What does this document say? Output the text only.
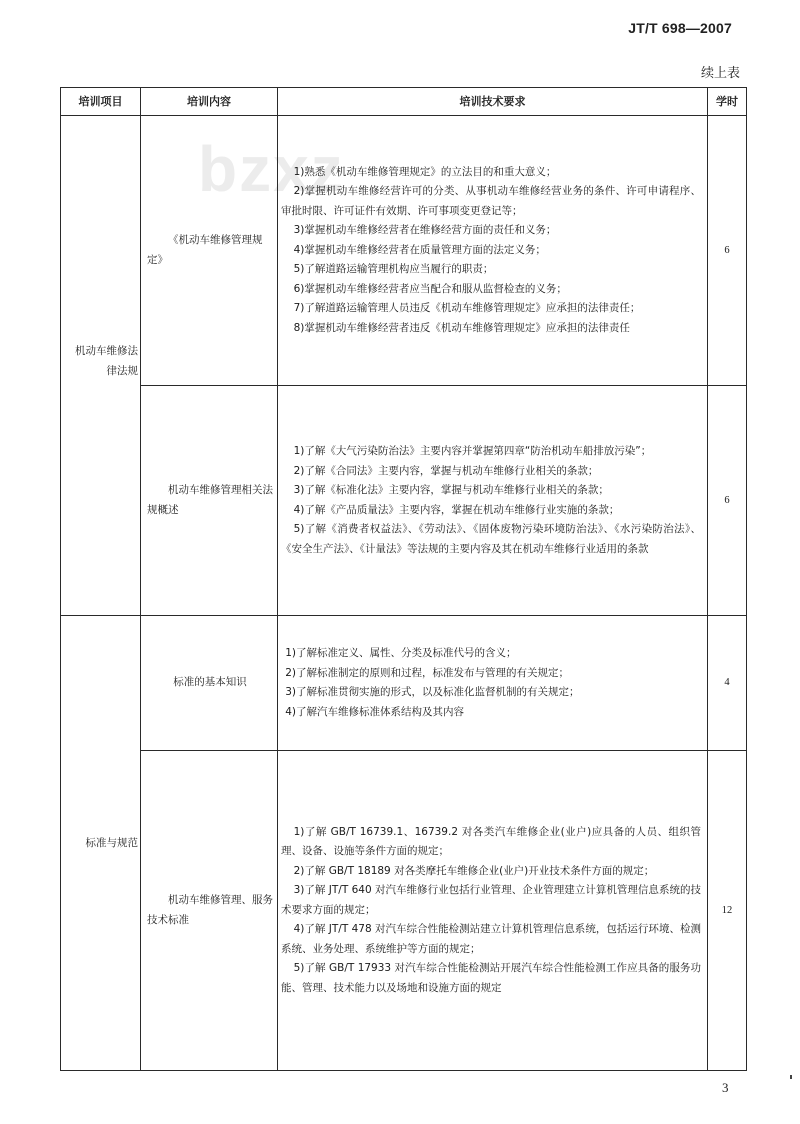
JT/T 698—2007
bzxz
续上表
培训项目	培训内容	培训技术要求	学时
机动车维修法律法规	《机动车维修管理规定》	

1)熟悉《机动车维修管理规定》的立法目的和重大意义；

2)掌握机动车维修经营许可的分类、从事机动车维修经营业务的条件、许可申请程序、审批时限、许可证件有效期、许可事项变更登记等；

3)掌握机动车维修经营者在维修经营方面的责任和义务；

4)掌握机动车维修经营者在质量管理方面的法定义务；

5)了解道路运输管理机构应当履行的职责；

6)掌握机动车维修经营者应当配合和服从监督检查的义务；

7)了解道路运输管理人员违反《机动车维修管理规定》应承担的法律责任；

8)掌握机动车维修经营者违反《机动车维修管理规定》应承担的法律责任

	6
	机动车维修管理相关法规概述	1)了解《大气污染防治法》主要内容并掌握第四章“防治机动车船排放污染”；

2)了解《合同法》主要内容，掌握与机动车维修行业相关的条款；

3)了解《标准化法》主要内容，掌握与机动车维修行业相关的条款；

4)了解《产品质量法》主要内容，掌握在机动车维修行业实施的条款；

5)了解《消费者权益法》、《劳动法》、《固体废物污染环境防治法》、《水污染防治法》、《安全生产法》、《计量法》等法规的主要内容及其在机动车维修行业适用的条款	6
标准与规范	标准的基本知识	1)了解标准定义、属性、分类及标准代号的含义；

2)了解标准制定的原则和过程，标准发布与管理的有关规定；

3)了解标准贯彻实施的形式，以及标准化监督机制的有关规定；

4)了解汽车维修标准体系结构及其内容	4
	机动车维修管理、服务技术标准	1)了解 GB/T 16739.1、16739.2 对各类汽车维修企业(业户)应具备的人员、组织管理、设备、设施等条件方面的规定；

2)了解 GB/T 18189 对各类摩托车维修企业(业户)开业技术条件方面的规定；

3)了解 JT/T 640 对汽车维修行业包括行业管理、企业管理建立计算机管理信息系统的技术要求方面的规定；

4)了解 JT/T 478 对汽车综合性能检测站建立计算机管理信息系统，包括运行环境、检测系统、业务处理、系统维护等方面的规定；

5)了解 GB/T 17933 对汽车综合性能检测站开展汽车综合性能检测工作应具备的服务功能、管理、技术能力以及场地和设施方面的规定	12
3
